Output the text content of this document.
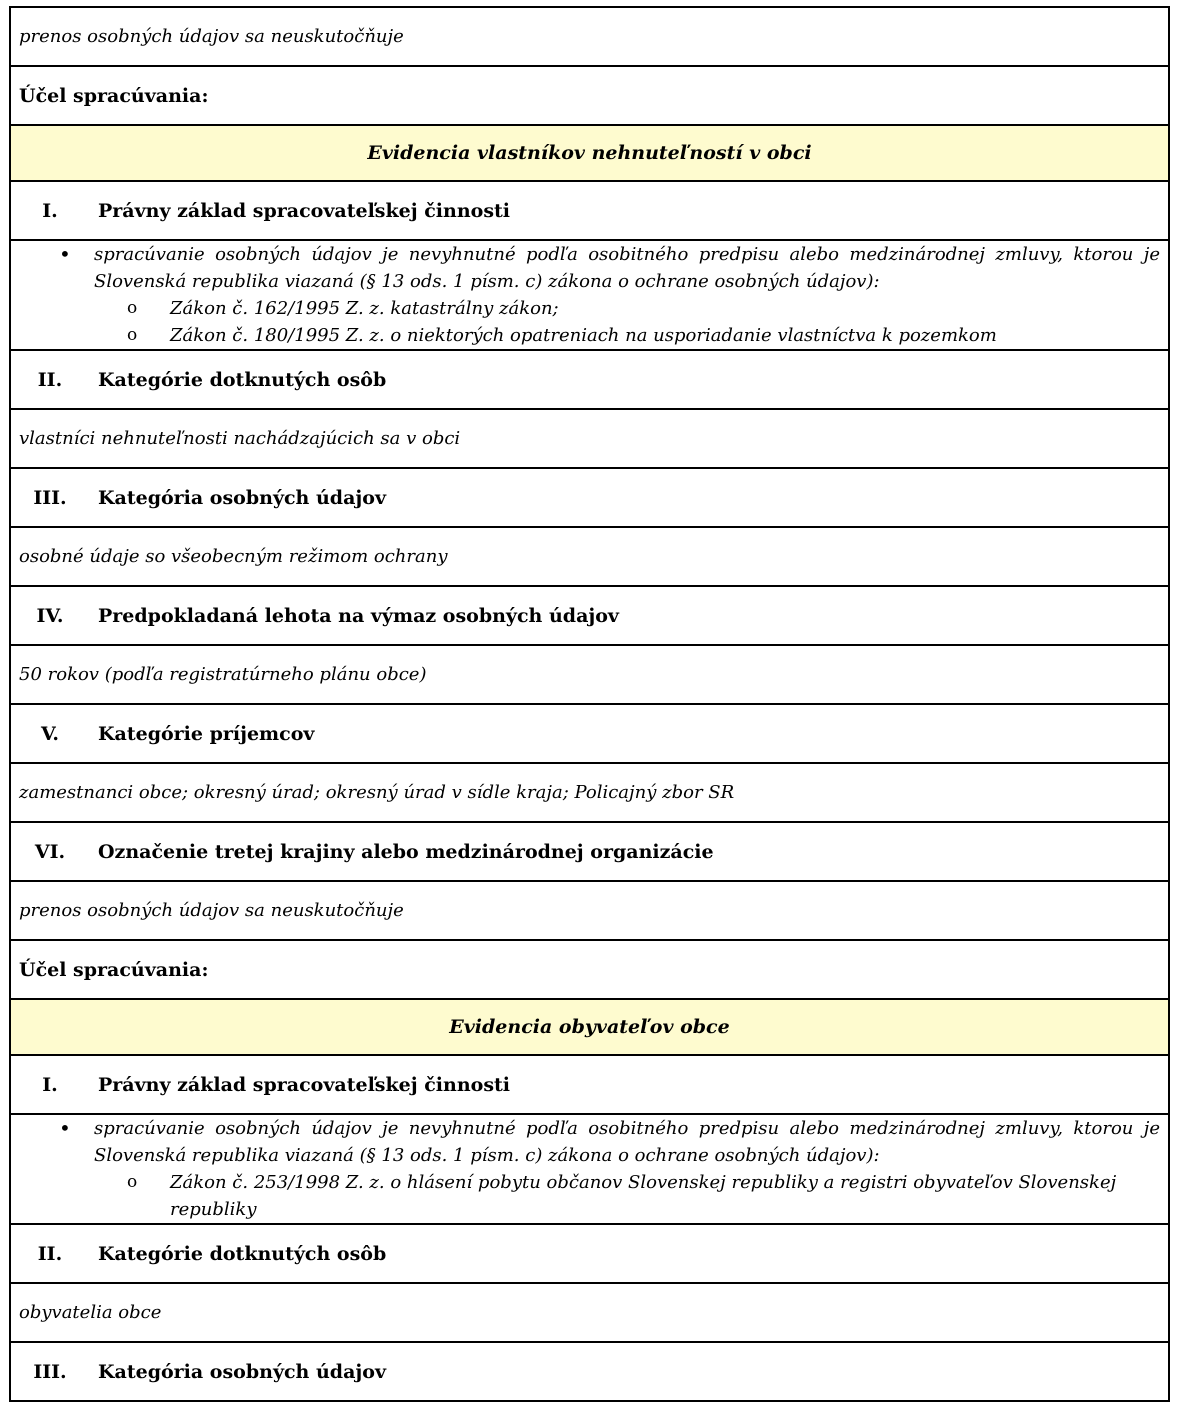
prenos osobných údajov sa neuskutočňuje
Účel spracúvania:
Evidencia vlastníkov nehnuteľností v obci

I.	Právny základ spracovateľskej činnosti

• spracúvanie osobných údajov je nevyhnutné podľa osobitného predpisu alebo medzinárodnej zmluvy, ktorou je Slovenská republika viazaná (§ 13 ods. 1 písm. c) zákona o ochrane osobných údajov):
o Zákon č. 162/1995 Z. z. katastrálny zákon;
o Zákon č. 180/1995 Z. z. o niektorých opatreniach na usporiadanie vlastníctva k pozemkom

II.	Kategórie dotknutých osôb

vlastníci nehnuteľnosti nachádzajúcich sa v obci

III.	Kategória osobných údajov

osobné údaje so všeobecným režimom ochrany

IV.	Predpokladaná lehota na výmaz osobných údajov

50 rokov (podľa registratúrneho plánu obce)

V.	Kategórie príjemcov

zamestnanci obce; okresný úrad; okresný úrad v sídle kraja; Policajný zbor SR

VI.	Označenie tretej krajiny alebo medzinárodnej organizácie

prenos osobných údajov sa neuskutočňuje
Účel spracúvania:
Evidencia obyvateľov obce

I.	Právny základ spracovateľskej činnosti

• spracúvanie osobných údajov je nevyhnutné podľa osobitného predpisu alebo medzinárodnej zmluvy, ktorou je Slovenská republika viazaná (§ 13 ods. 1 písm. c) zákona o ochrane osobných údajov):
o Zákon č. 253/1998 Z. z. o hlásení pobytu občanov Slovenskej republiky a registri obyvateľov Slovenskej republiky

II.	Kategórie dotknutých osôb

obyvatelia obce

III.	Kategória osobných údajov
